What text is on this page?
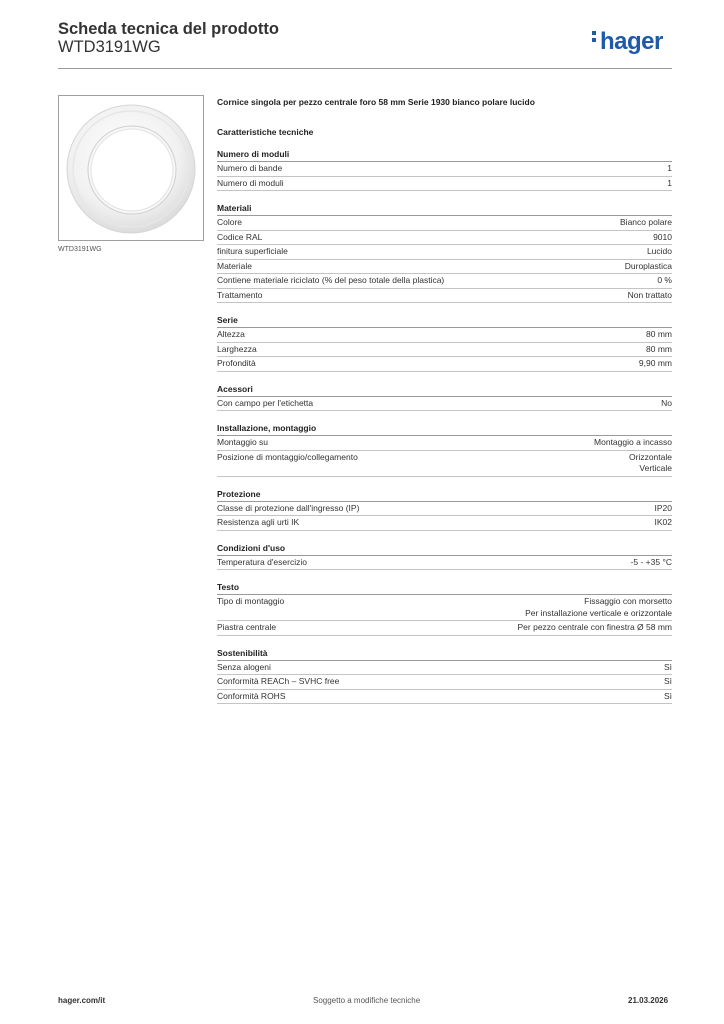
Scheda tecnica del prodotto
WTD3191WG	hager
WTD3191WG
Cornice singola per pezzo centrale foro 58 mm Serie 1930 bianco polare lucido
Caratteristiche tecniche
Numero di moduli
Numero di bande	1
Numero di moduli	1
Materiali
Colore	Bianco polare
Codice RAL	9010
finitura superficiale	Lucido
Materiale	Duroplastica
Contiene materiale riciclato (% del peso totale della plastica)	0 %
Trattamento	Non trattato
Serie
Altezza	80 mm
Larghezza	80 mm
Profondità	9,90 mm
Acessori
Con campo per l'etichetta	No
Installazione, montaggio
Montaggio su	Montaggio a incasso
Posizione di montaggio/collegamento	Orizzontale
Verticale
Protezione
Classe di protezione dall'ingresso (IP)	IP20
Resistenza agli urti IK	IK02
Condizioni d'uso
Temperatura d'esercizio	-5 - +35 °C
Testo
Tipo di montaggio	Fissaggio con morsetto
Per installazione verticale e orizzontale
Piastra centrale	Per pezzo centrale con finestra Ø 58 mm
Sostenibilità
Senza alogeni	Sì
Conformità REACh – SVHC free	Sì
Conformità ROHS	Sì
hager.com/it	Soggetto a modifiche tecniche	21.03.2026
